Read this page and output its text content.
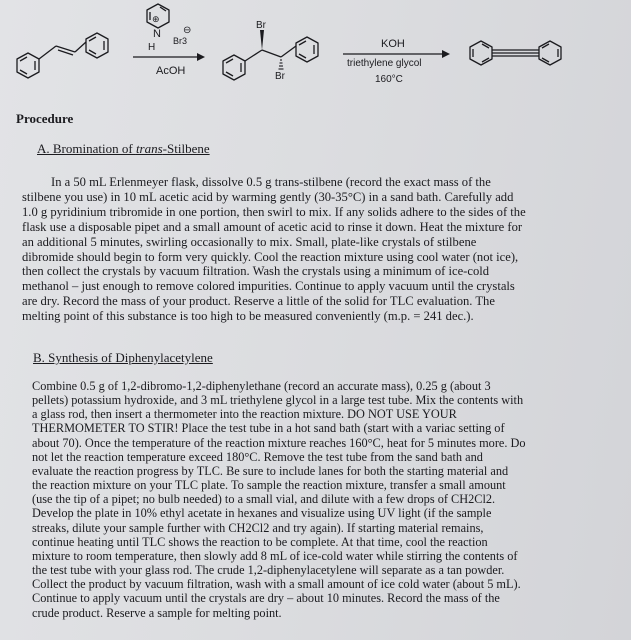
⊕
N
H
Br3
⊖
AcOH
Br
Br
KOH
triethylene glycol
160°C
Procedure
A. Bromination of trans-Stilbene
In a 50 mL Erlenmeyer flask, dissolve 0.5 g trans-stilbene (record the exact mass of the
stilbene you use) in 10 mL acetic acid by warming gently (30-35°C) in a sand bath. Carefully add
1.0 g pyridinium tribromide in one portion, then swirl to mix. If any solids adhere to the sides of the
flask use a disposable pipet and a small amount of acetic acid to rinse it down. Heat the mixture for
an additional 5 minutes, swirling occasionally to mix. Small, plate-like crystals of stilbene
dibromide should begin to form very quickly. Cool the reaction mixture using cool water (not ice),
then collect the crystals by vacuum filtration. Wash the crystals using a minimum of ice-cold
methanol – just enough to remove colored impurities. Continue to apply vacuum until the crystals
are dry. Record the mass of your product. Reserve a little of the solid for TLC evaluation. The
melting point of this substance is too high to be measured conveniently (m.p. = 241 dec.).
B. Synthesis of Diphenylacetylene
Combine 0.5 g of 1,2-dibromo-1,2-diphenylethane (record an accurate mass), 0.25 g (about 3
pellets) potassium hydroxide, and 3 mL triethylene glycol in a large test tube. Mix the contents with
a glass rod, then insert a thermometer into the reaction mixture. DO NOT USE YOUR
THERMOMETER TO STIR! Place the test tube in a hot sand bath (start with a variac setting of
about 70). Once the temperature of the reaction mixture reaches 160°C, heat for 5 minutes more. Do
not let the reaction temperature exceed 180°C. Remove the test tube from the sand bath and
evaluate the reaction progress by TLC. Be sure to include lanes for both the starting material and
the reaction mixture on your TLC plate. To sample the reaction mixture, transfer a small amount
(use the tip of a pipet; no bulb needed) to a small vial, and dilute with a few drops of CH2Cl2.
Develop the plate in 10% ethyl acetate in hexanes and visualize using UV light (if the sample
streaks, dilute your sample further with CH2Cl2 and try again). If starting material remains,
continue heating until TLC shows the reaction to be complete. At that time, cool the reaction
mixture to room temperature, then slowly add 8 mL of ice-cold water while stirring the contents of
the test tube with your glass rod. The crude 1,2-diphenylacetylene will separate as a tan powder.
Collect the product by vacuum filtration, wash with a small amount of ice cold water (about 5 mL).
Continue to apply vacuum until the crystals are dry – about 10 minutes. Record the mass of the
crude product. Reserve a sample for melting point.
